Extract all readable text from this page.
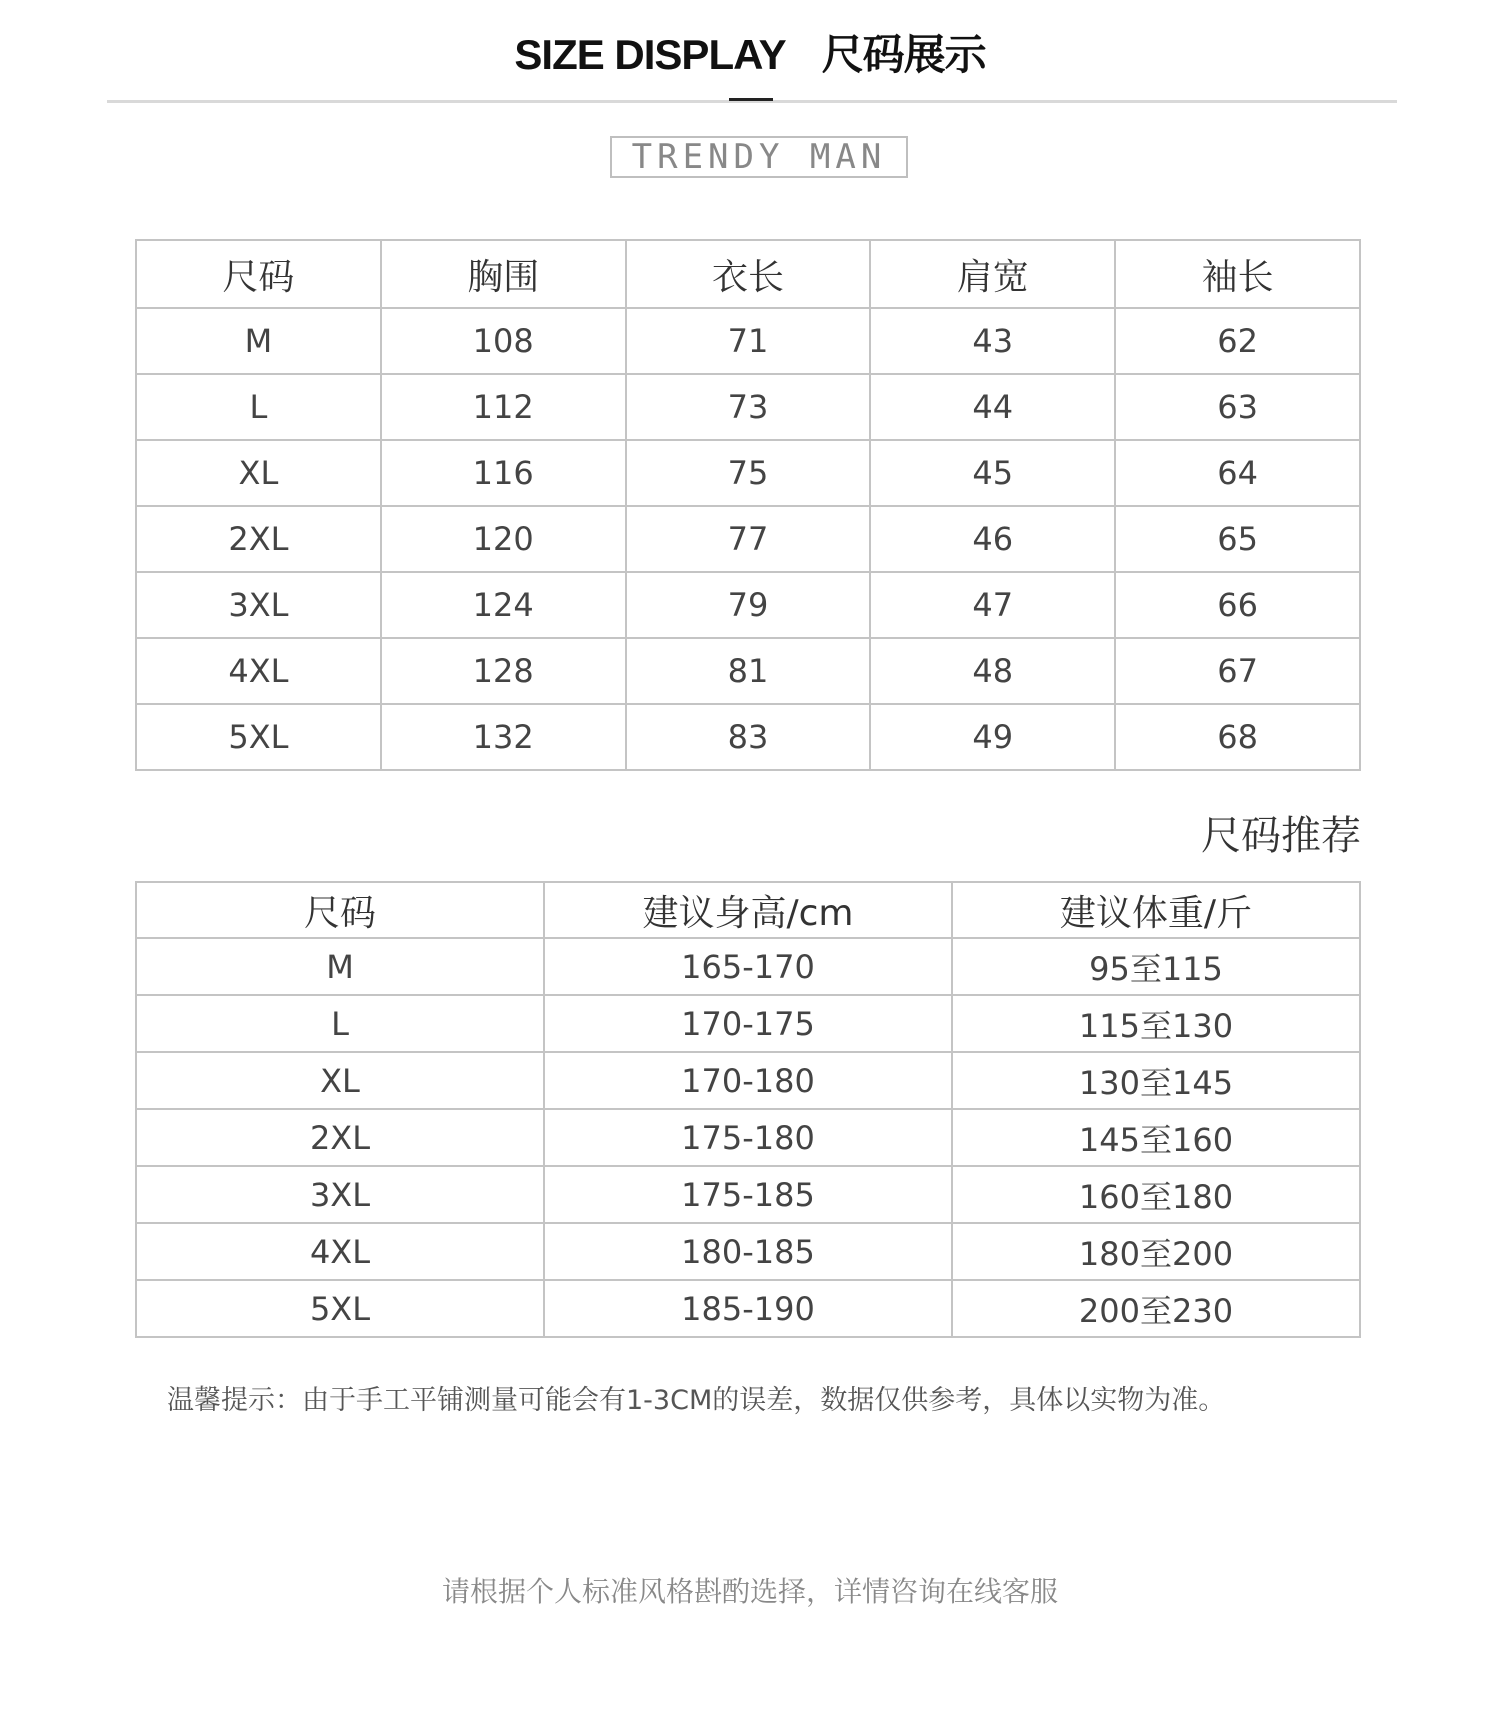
SIZE DISPLAY 尺码展示
TRENDY MAN
尺码	胸围	衣长	肩宽	袖长
M	108	71	43	62
L	112	73	44	63
XL	116	75	45	64
2XL	120	77	46	65
3XL	124	79	47	66
4XL	128	81	48	67
5XL	132	83	49	68
尺码推荐
尺码	建议身高/cm	建议体重/斤
M	165-170	95至115
L	170-175	115至130
XL	170-180	130至145
2XL	175-180	145至160
3XL	175-185	160至180
4XL	180-185	180至200
5XL	185-190	200至230
温馨提示：由于手工平铺测量可能会有1-3CM的误差，数据仅供参考，具体以实物为准。
请根据个人标准风格斟酌选择，详情咨询在线客服
